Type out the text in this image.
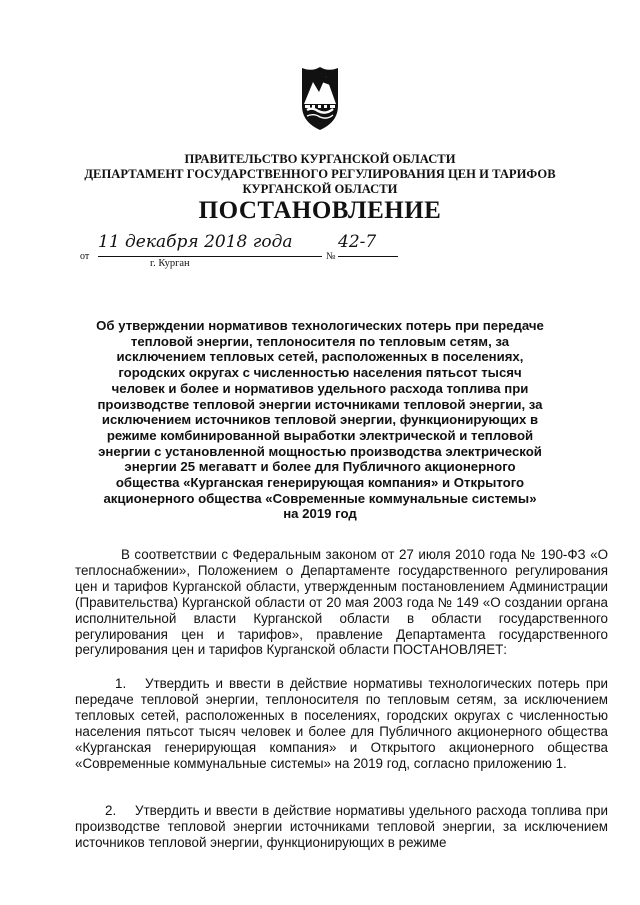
ПРАВИТЕЛЬСТВО КУРГАНСКОЙ ОБЛАСТИ
ДЕПАРТАМЕНТ ГОСУДАРСТВЕННОГО РЕГУЛИРОВАНИЯ ЦЕН И ТАРИФОВ
КУРГАНСКОЙ ОБЛАСТИ
ПОСТАНОВЛЕНИЕ
от
11 декабря 2018 года
№
42-7
г. Курган
Об утверждении нормативов технологических потерь при передаче тепловой энергии, теплоносителя по тепловым сетям, за исключением тепловых сетей, расположенных в поселениях, городских округах с численностью населения пятьсот тысяч человек и более и нормативов удельного расхода топлива при производстве тепловой энергии источниками тепловой энергии, за исключением источников тепловой энергии, функционирующих в режиме комбинированной выработки электрической и тепловой энергии с установленной мощностью производства электрической энергии 25 мегаватт и более для Публичного акционерного общества «Курганская генерирующая компания» и Открытого акционерного общества «Современные коммунальные системы» на 2019 год
В соответствии с Федеральным законом от 27 июля 2010 года № 190-ФЗ «О теплоснабжении», Положением о Департаменте государственного регулирования цен и тарифов Курганской области, утвержденным постановлением Администрации (Правительства) Курганской области от 20 мая 2003 года № 149 «О создании органа исполнительной власти Курганской области в области государственного регулирования цен и тарифов», правление Департамента государственного регулирования цен и тарифов Курганской области ПОСТАНОВЛЯЕТ:
1. Утвердить и ввести в действие нормативы технологических потерь при передаче тепловой энергии, теплоносителя по тепловым сетям, за исключением тепловых сетей, расположенных в поселениях, городских округах с численностью населения пятьсот тысяч человек и более для Публичного акционерного общества «Курганская генерирующая компания» и Открытого акционерного общества «Современные коммунальные системы» на 2019 год, согласно приложению 1.
2. Утвердить и ввести в действие нормативы удельного расхода топлива при производстве тепловой энергии источниками тепловой энергии, за исключением источников тепловой энергии, функционирующих в режиме
